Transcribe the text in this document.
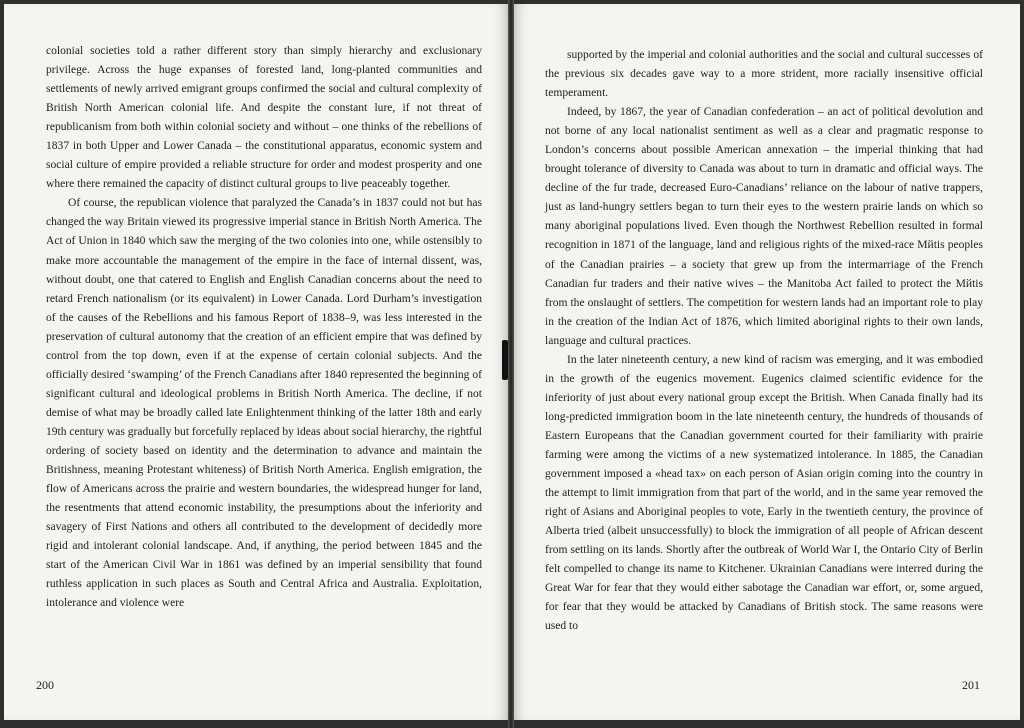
colonial societies told a rather different story than simply hierarchy and exclusionary privilege. Across the huge expanses of forested land, long-planted communities and settlements of newly arrived emigrant groups confirmed the social and cultural complexity of British North American colonial life. And despite the constant lure, if not threat of republicanism from both within colonial society and without – one thinks of the rebellions of 1837 in both Upper and Lower Canada – the constitutional apparatus, economic system and social culture of empire provided a reliable structure for order and modest prosperity and one where there remained the capacity of distinct cultural groups to live peaceably together.

Of course, the republican violence that paralyzed the Canada’s in 1837 could not but has changed the way Britain viewed its progressive imperial stance in British North America. The Act of Union in 1840 which saw the merging of the two colonies into one, while ostensibly to make more accountable the management of the empire in the face of internal dissent, was, without doubt, one that catered to English and English Canadian concerns about the need to retard French nationalism (or its equivalent) in Lower Canada. Lord Durham’s investigation of the causes of the Rebellions and his famous Report of 1838–9, was less interested in the preservation of cultural autonomy that the creation of an efficient empire that was defined by control from the top down, even if at the expense of certain colonial subjects. And the officially desired ‘swamping’ of the French Canadians after 1840 represented the beginning of significant cultural and ideological problems in British North America. The decline, if not demise of what may be broadly called late Enlightenment thinking of the latter 18th and early 19th century was gradually but forcefully replaced by ideas about social hierarchy, the rightful ordering of society based on identity and the determination to advance and maintain the Britishness, meaning Protestant whiteness) of British North America. English emigration, the flow of Americans across the prairie and western boundaries, the widespread hunger for land, the resentments that attend economic instability, the presumptions about the inferiority and savagery of First Nations and others all contributed to the development of decidedly more rigid and intolerant colonial landscape. And, if anything, the period between 1845 and the start of the American Civil War in 1861 was defined by an imperial sensibility that found ruthless application in such places as South and Central Africa and Australia. Exploitation, intolerance and violence were

200

supported by the imperial and colonial authorities and the social and cultural successes of the previous six decades gave way to a more strident, more racially insensitive official temperament.

Indeed, by 1867, the year of Canadian confederation – an act of political devolution and not borne of any local nationalist sentiment as well as a clear and pragmatic response to London’s concerns about possible American annexation – the imperial thinking that had brought tolerance of diversity to Canada was about to turn in dramatic and official ways. The decline of the fur trade, decreased Euro-Canadians’ reliance on the labour of native trappers, just as land-hungry settlers began to turn their eyes to the western prairie lands on which so many aboriginal populations lived. Even though the Northwest Rebellion resulted in formal recognition in 1871 of the language, land and religious rights of the mixed-race Mйtis peoples of the Canadian prairies – a society that grew up from the intermarriage of the French Canadian fur traders and their native wives – the Manitoba Act failed to protect the Mйtis from the onslaught of settlers. The competition for western lands had an important role to play in the creation of the Indian Act of 1876, which limited aboriginal rights to their own lands, language and cultural practices.

In the later nineteenth century, a new kind of racism was emerging, and it was embodied in the growth of the eugenics movement. Eugenics claimed scientific evidence for the inferiority of just about every national group except the British. When Canada finally had its long-predicted immigration boom in the late nineteenth century, the hundreds of thousands of Eastern Europeans that the Canadian government courted for their familiarity with prairie farming were among the victims of a new systematized intolerance. In 1885, the Canadian government imposed a «head tax» on each person of Asian origin coming into the country in the attempt to limit immigration from that part of the world, and in the same year removed the right of Asians and Aboriginal peoples to vote, Early in the twentieth century, the province of Alberta tried (albeit unsuccessfully) to block the immigration of all people of African descent from settling on its lands. Shortly after the outbreak of World War I, the Ontario City of Berlin felt compelled to change its name to Kitchener. Ukrainian Canadians were interred during the Great War for fear that they would either sabotage the Canadian war effort, or, some argued, for fear that they would be attacked by Canadians of British stock. The same reasons were used to

201
